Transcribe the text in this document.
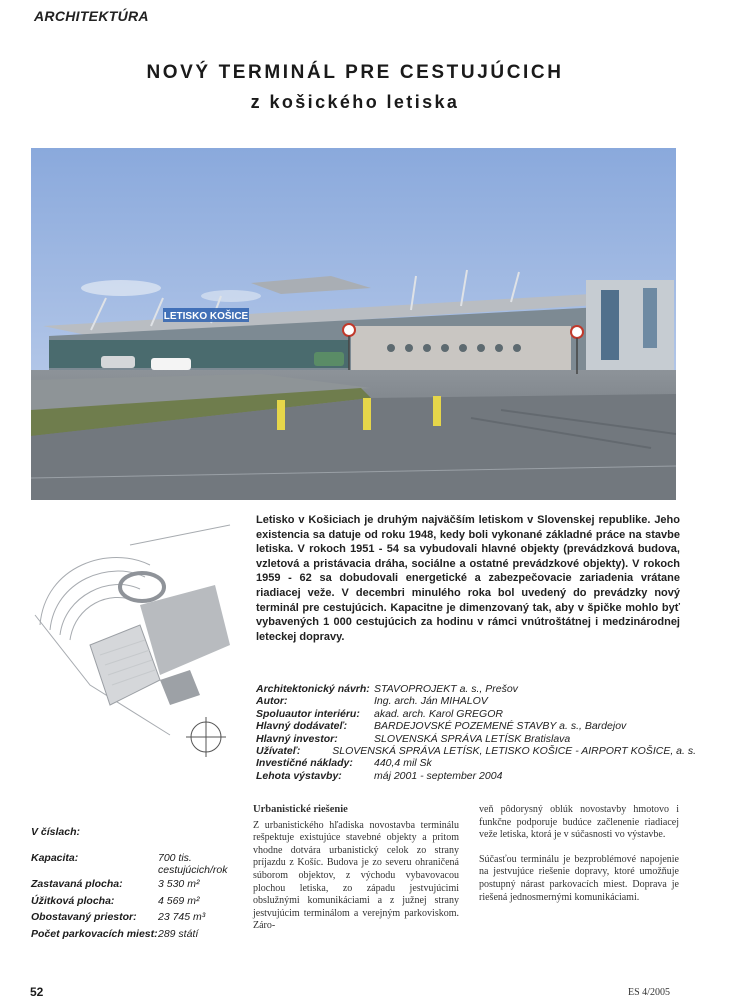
ARCHITEKTÚRA
NOVÝ TERMINÁL PRE CESTUJÚCICH
z košického letiska
LETISKO KOŠICE
Letisko v Košiciach je druhým najväčším letiskom v Slovenskej republike. Jeho existencia sa datuje od roku 1948, kedy boli vykonané základné práce na stavbe letiska. V rokoch 1951 - 54 sa vybudovali hlavné objekty (prevádzková budova, vzletová a pristávacia dráha, sociálne a ostatné prevádzkové objekty). V rokoch 1959 - 62 sa dobudovali energetické a zabezpečovacie zariadenia vrátane riadiacej veže. V decembri minulého roka bol uvedený do prevádzky nový terminál pre cestujúcich. Kapacitne je dimenzovaný tak, aby v špičke mohlo byť vybavených 1 000 cestujúcich za hodinu v rámci vnútroštátnej i medzinárodnej leteckej dopravy.
Architektonický návrh: STAVOPROJEKT a. s., Prešov
Autor:	Ing. arch. Ján MIHALOV
Spoluautor interiéru:	akad. arch. Karol GREGOR
Hlavný dodávateľ:	BARDEJOVSKÉ POZEMENÉ STAVBY a. s., Bardejov
Hlavný investor:	SLOVENSKÁ SPRÁVA LETÍSK Bratislava
Užívateľ:	SLOVENSKÁ SPRÁVA LETÍSK, LETISKO KOŠICE - AIRPORT KOŠICE, a. s.
Investičné náklady:	440,4 mil Sk
Lehota výstavby:	máj 2001 - september 2004
V číslach:
Kapacita:	700 tis. cestujúcich/rok
Zastavaná plocha:	3 530 m²
Úžitková plocha:	4 569 m²
Obostavaný priestor:	23 745 m³
Počet parkovacích miest: 289 státí
Urbanistické riešenie

Z urbanistického hľadiska novostavba terminálu rešpektuje existujúce stavebné objekty a pritom vhodne dotvára urbanistický celok zo strany príjazdu z Košíc. Budova je zo severu ohraničená súborom objektov, z východu vybavovacou plochou letiska, zo západu jestvujúcimi obslužnými komunikáciami a z južnej strany jestvujúcim terminálom a verejným parkoviskom. Záro-

veň pôdorysný oblúk novostavby hmotovo i funkčne podporuje budúce začlenenie riadiacej veže letiska, ktorá je v súčasnosti vo výstavbe.

Súčasťou terminálu je bezproblémové napojenie na jestvujúce riešenie dopravy, ktoré umožňuje postupný nárast parkovacích miest. Doprava je riešená jednosmernými komunikáciami.

52	ES 4/2005
